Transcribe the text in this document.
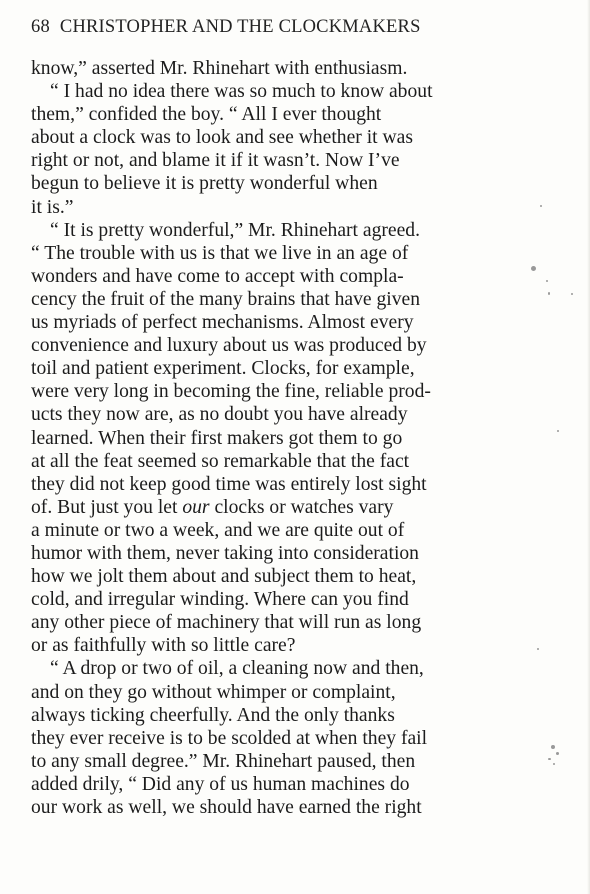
68 CHRISTOPHER AND THE CLOCKMAKERS
know,” asserted Mr. Rhinehart with enthusiasm.
“ I had no idea there was so much to know about
them,” confided the boy. “ All I ever thought
about a clock was to look and see whether it was
right or not, and blame it if it wasn’t. Now I’ve
begun to believe it is pretty wonderful when
it is.”
“ It is pretty wonderful,” Mr. Rhinehart agreed.
“ The trouble with us is that we live in an age of
wonders and have come to accept with compla-
cency the fruit of the many brains that have given
us myriads of perfect mechanisms. Almost every
convenience and luxury about us was produced by
toil and patient experiment. Clocks, for example,
were very long in becoming the fine, reliable prod-
ucts they now are, as no doubt you have already
learned. When their first makers got them to go
at all the feat seemed so remarkable that the fact
they did not keep good time was entirely lost sight
of. But just you let our clocks or watches vary
a minute or two a week, and we are quite out of
humor with them, never taking into consideration
how we jolt them about and subject them to heat,
cold, and irregular winding. Where can you find
any other piece of machinery that will run as long
or as faithfully with so little care?
“ A drop or two of oil, a cleaning now and then,
and on they go without whimper or complaint,
always ticking cheerfully. And the only thanks
they ever receive is to be scolded at when they fail
to any small degree.” Mr. Rhinehart paused, then
added drily, “ Did any of us human machines do
our work as well, we should have earned the right
